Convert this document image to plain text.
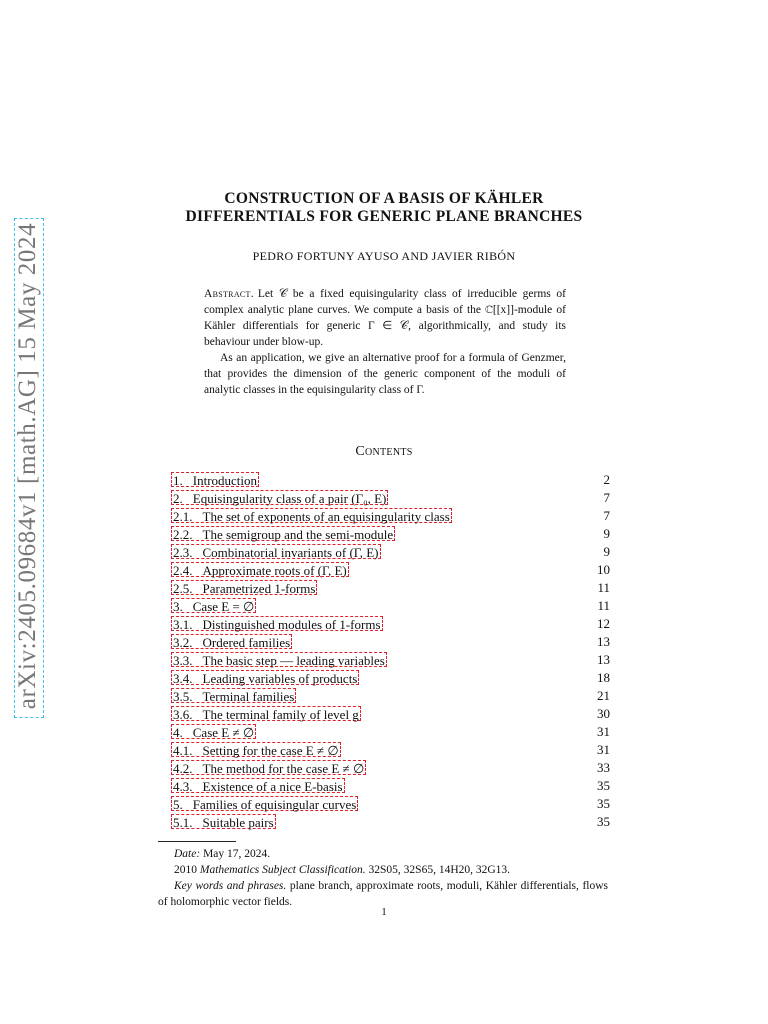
arXiv:2405.09684v1 [math.AG] 15 May 2024
CONSTRUCTION OF A BASIS OF KÄHLER
DIFFERENTIALS FOR GENERIC PLANE BRANCHES
PEDRO FORTUNY AYUSO AND JAVIER RIBÓN

Abstract. Let 𝒞 be a fixed equisingularity class of irreducible germs of complex analytic plane curves. We compute a basis of the ℂ[[x]]-module of Kähler differentials for generic Γ ∈ 𝒞, algorithmically, and study its behaviour under blow-up.

As an application, we give an alternative proof for a formula of Genzmer, that provides the dimension of the generic component of the moduli of analytic classes in the equisingularity class of Γ.

Contents
1. Introduction	2
2. Equisingularity class of a pair (Γ₀, E)	7
2.1. The set of exponents of an equisingularity class	7
2.2. The semigroup and the semi-module	9
2.3. Combinatorial invariants of (Γ, E)	9
2.4. Approximate roots of (Γ, E)	10
2.5. Parametrized 1-forms	11
3. Case E = ∅	11
3.1. Distinguished modules of 1-forms	12
3.2. Ordered families	13
3.3. The basic step — leading variables	13
3.4. Leading variables of products	18
3.5. Terminal families	21
3.6. The terminal family of level g	30
4. Case E ≠ ∅	31
4.1. Setting for the case E ≠ ∅	31
4.2. The method for the case E ≠ ∅	33
4.3. Existence of a nice E-basis	35
5. Families of equisingular curves	35
5.1. Suitable pairs	35

Date: May 17, 2024.

2010 Mathematics Subject Classification. 32S05, 32S65, 14H20, 32G13.

Key words and phrases. plane branch, approximate roots, moduli, Kähler differentials, flows of holomorphic vector fields.

1
